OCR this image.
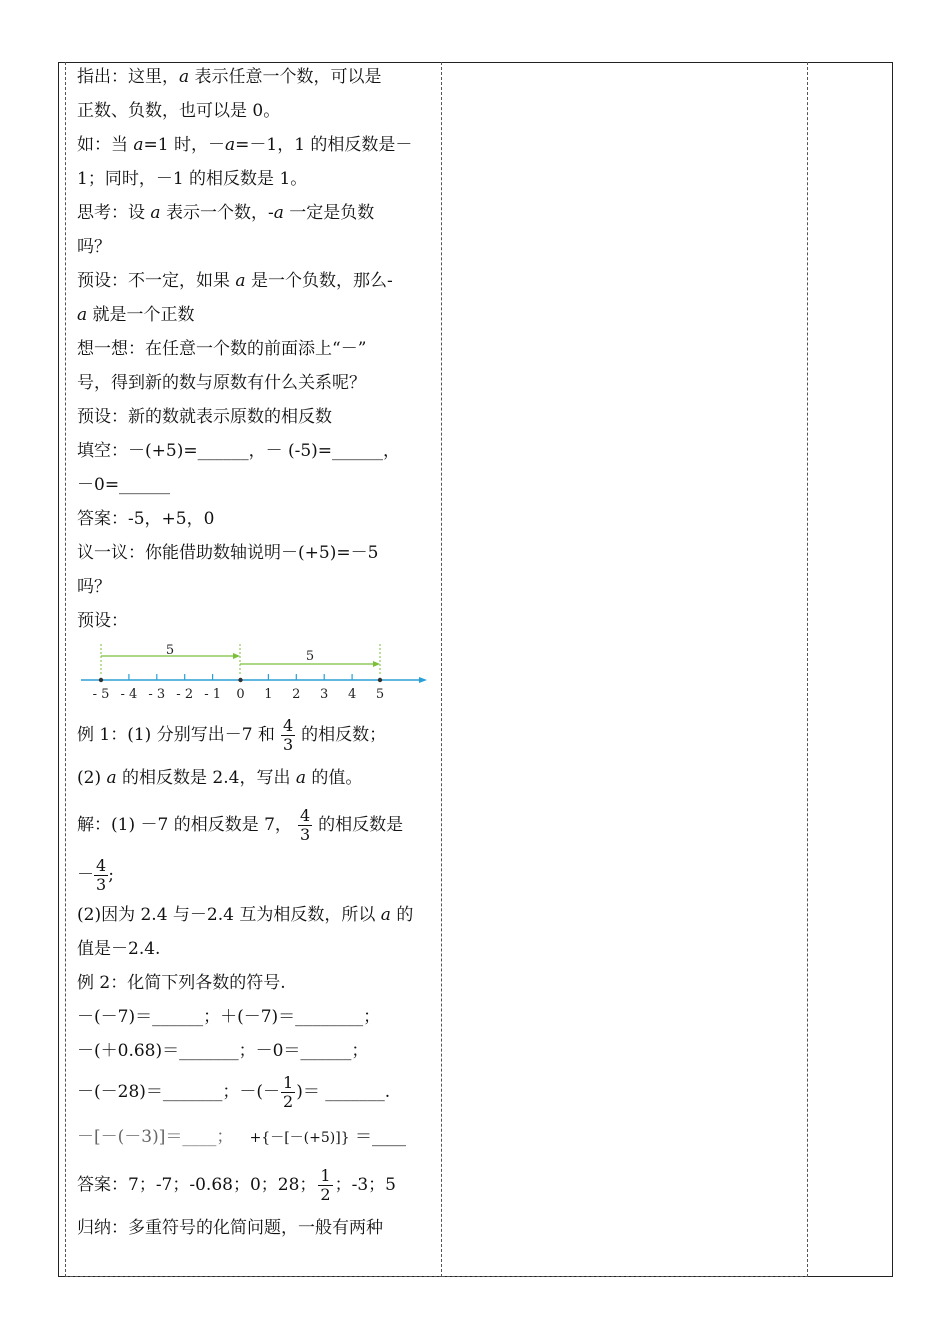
指出：这里，a 表示任意一个数，可以是
正数、负数，也可以是 0。
如：当 a=1 时，－a=－1，1 的相反数是－
1；同时，－1 的相反数是 1。
思考：设 a 表示一个数，-a 一定是负数
吗？
预设：不一定，如果 a 是一个负数，那么-
a 就是一个正数
想一想：在任意一个数的前面添上“－”
号，得到新的数与原数有什么关系呢？
预设：新的数就表示原数的相反数
填空：－(+5)=______，－ (-5)=______，
－0=______
答案：-5，+5，0
议一议：你能借助数轴说明－(+5)=－5
吗？
预设：
5	5
- 5 - 4 - 3 - 2 - 1 0 1 2 3 4 5
例 1：(1) 分别写出－7 和 $\frac{4}{3}$ 的相反数；
(2) a 的相反数是 2.4，写出 a 的值。
解：(1) －7 的相反数是 7， $\frac{4}{3}$ 的相反数是
－ $\frac{4}{3}$ ;
(2)因为 2.4 与－2.4 互为相反数，所以 a 的
值是－2.4.
例 2：化简下列各数的符号.
－(－7)＝______；＋(－7)＝________；
－(＋0.68)＝_______；－0＝______；
－(－28)＝_______；－(－ $\frac{1}{2}$ )＝ _______.
－[－(－3)]＝____； +{－[－(+5)]} ＝____
答案：7；-7；-0.68；0；28； $\frac{1}{2}$ ；-3；5
归纳：多重符号的化简问题，一般有两种
